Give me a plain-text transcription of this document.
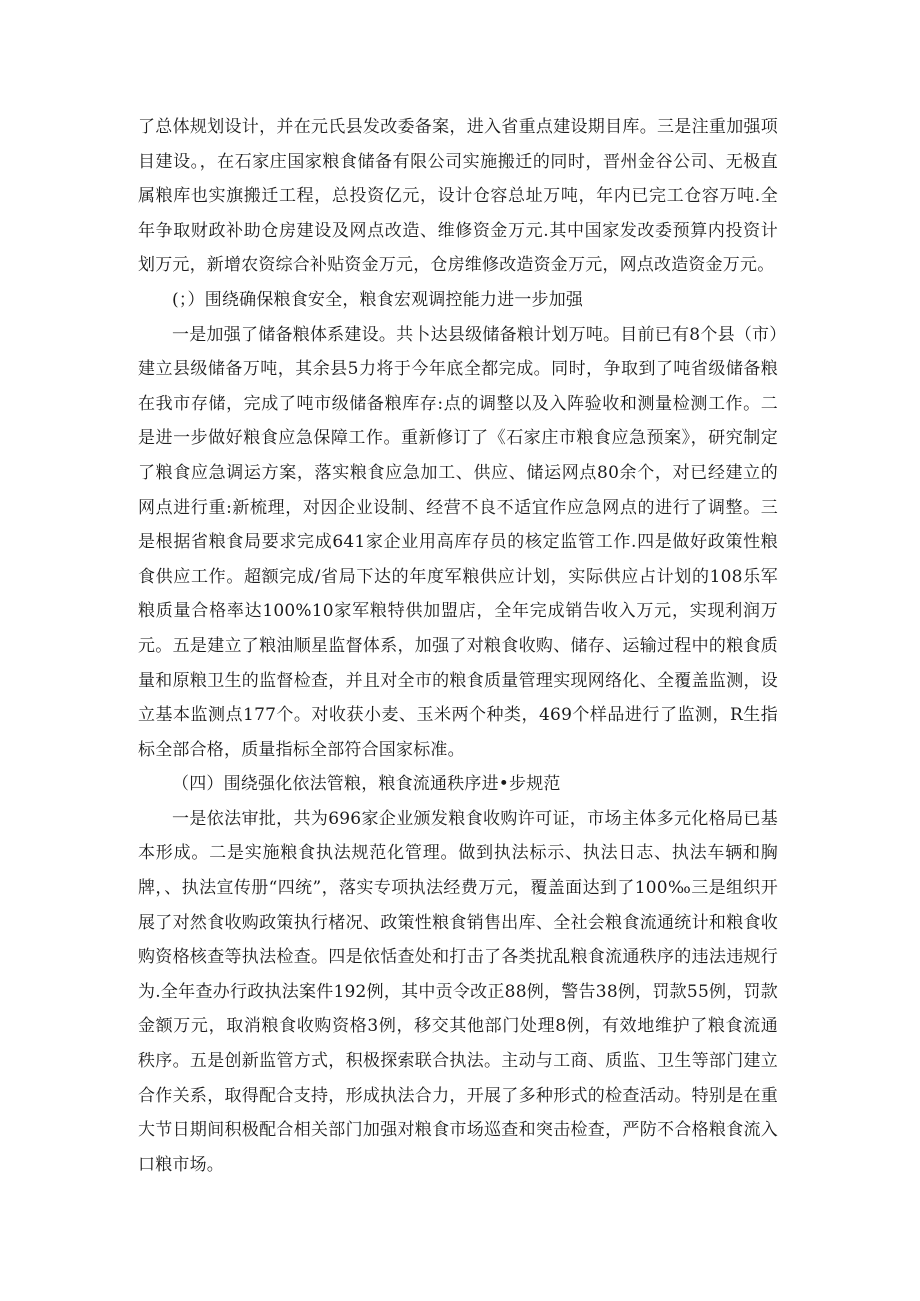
了总体规划设计，并在元氏县发改委备案，进入省重点建设期目库。三是注重加强项目建设。，在石家庄国家粮食储备有限公司实施搬迁的同时，晋州金谷公司、无极直属粮库也实旗搬迁工程，总投资亿元，设计仓容总址万吨，年内已完工仓容万吨.全年争取财政补助仓房建设及网点改造、维修资金万元.其中国家发改委预算内投资计划万元，新增农资综合补贴资金万元，仓房维修改造资金万元，网点改造资金万元。

(；）围绕确保粮食安全，粮食宏观调控能力进一步加强

一是加强了储备粮体系建设。共卜达县级储备粮计划万吨。目前已有8个县（市）建立县级储备万吨，其余县5力将于今年底全都完成。同时，争取到了吨省级储备粮在我市存储，完成了吨市级储备粮库存:点的调整以及入阵验收和测量检测工作。二是进一步做好粮食应急保障工作。重新修订了《石家庄市粮食应急预案》，研究制定了粮食应急调运方案，落实粮食应急加工、供应、储运网点80余个，对已经建立的网点进行重:新梳理，对因企业设制、经营不良不适宜作应急网点的进行了调整。三是根据省粮食局要求完成641家企业用高库存员的核定监管工作.四是做好政策性粮食供应工作。超额完成/省局下达的年度军粮供应计划，实际供应占计划的108乐军粮质量合格率达100%10家军粮特供加盟店，全年完成销告收入万元，实现利润万元。五是建立了粮油顺星监督体系，加强了对粮食收购、储存、运输过程中的粮食质量和原粮卫生的监督检查，并且对全市的粮食质量管理实现网络化、全覆盖监测，设立基本监测点177个。对收获小麦、玉米两个种类，469个样品进行了监测，R生指标全部合格，质量指标全部符合国家标准。

（四）围绕强化依法管粮，粮食流通秩序进•步规范

一是依法审批，共为696家企业颁发粮食收购许可证，市场主体多元化格局已基本形成。二是实施粮食执法规范化管理。做到执法标示、执法日志、执法车辆和胸牌，、执法宣传册“四统”，落实专项执法经费万元，覆盖面达到了100‰三是组织开展了对然食收购政策执行楮况、政策性粮食销售出库、全社会粮食流通统计和粮食收购资格核查等执法检查。四是依恬查处和打击了各类扰乱粮食流通秩序的违法违规行为.全年查办行政执法案件192例，其中贡令改正88例，警告38例，罚款55例，罚款金额万元，取消粮食收购资格3例，移交其他部门处理8例，有效地维护了粮食流通秩序。五是创新监管方式，积极探索联合执法。主动与工商、质监、卫生等部门建立合作关系，取得配合支持，形成执法合力，开展了多种形式的检查活动。特别是在重大节日期间积极配合相关部门加强对粮食市场巡查和突击检查，严防不合格粮食流入口粮市场。
